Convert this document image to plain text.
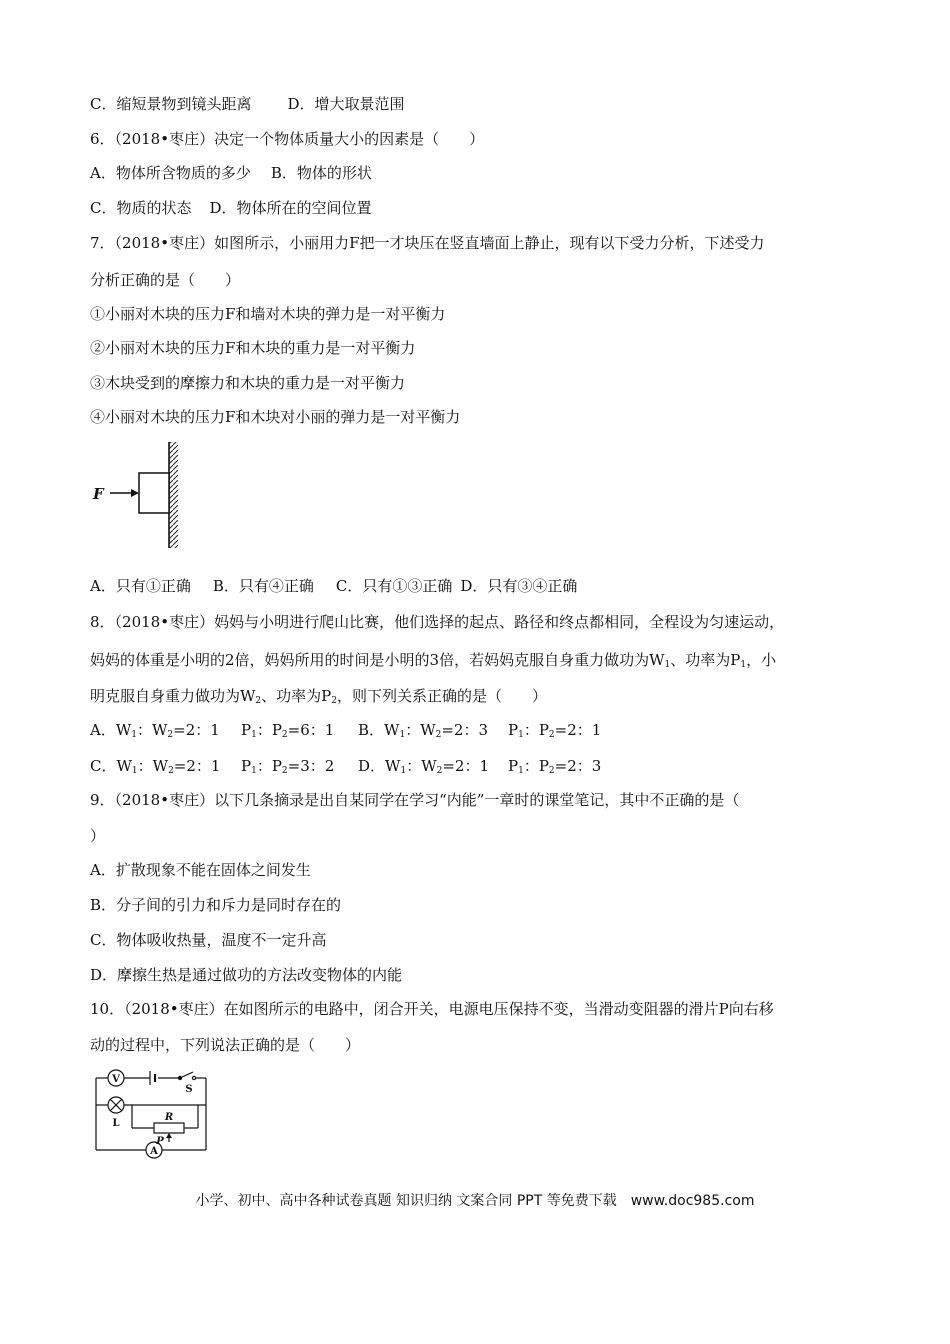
C．缩短景物到镜头距离 D．增大取景范围
6．（2018•枣庄）决定一个物体质量大小的因素是（　　）
A．物体所含物质的多少 B．物体的形状
C．物质的状态 D．物体所在的空间位置
7．（2018•枣庄）如图所示，小丽用力F把一才块压在竖直墙面上静止，现有以下受力分析，下述受力
分析正确的是（　　）
①小丽对木块的压力F和墙对木块的弹力是一对平衡力
②小丽对木块的压力F和木块的重力是一对平衡力
③木块受到的摩擦力和木块的重力是一对平衡力
④小丽对木块的压力F和木块对小丽的弹力是一对平衡力
F
A．只有①正确 B．只有④正确 C．只有①③正确 D．只有③④正确
8．（2018•枣庄）妈妈与小明进行爬山比赛，他们选择的起点、路径和终点都相同，全程设为匀速运动，
妈妈的体重是小明的2倍，妈妈所用的时间是小明的3倍，若妈妈克服自身重力做功为$W_1$、功率为$P_1$，小
明克服自身重力做功为$W_2$、功率为$P_2$，则下列关系正确的是（　　）
A．$W_1$：$W_2=2$：1 $P_1$：$P_2=6$：1 B．$W_1$：$W_2=2$：3 $P_1$：$P_2=2$：1
C．$W_1$：$W_2=2$：1 $P_1$：$P_2=3$：2 D．$W_1$：$W_2=2$：1 $P_1$：$P_2=2$：3
9．（2018•枣庄）以下几条摘录是出自某同学在学习“内能”一章时的课堂笔记，其中不正确的是（
）
A．扩散现象不能在固体之间发生
B．分子间的引力和斥力是同时存在的
C．物体吸收热量，温度不一定升高
D．摩擦生热是通过做功的方法改变物体的内能
10．（2018•枣庄）在如图所示的电路中，闭合开关，电源电压保持不变，当滑动变阻器的滑片P向右移
动的过程中，下列说法正确的是（　　）
V
S
R
L
P
A
小学、初中、高中各种试卷真题 知识归纳 文案合同 PPT 等免费下载　www.doc985.com
